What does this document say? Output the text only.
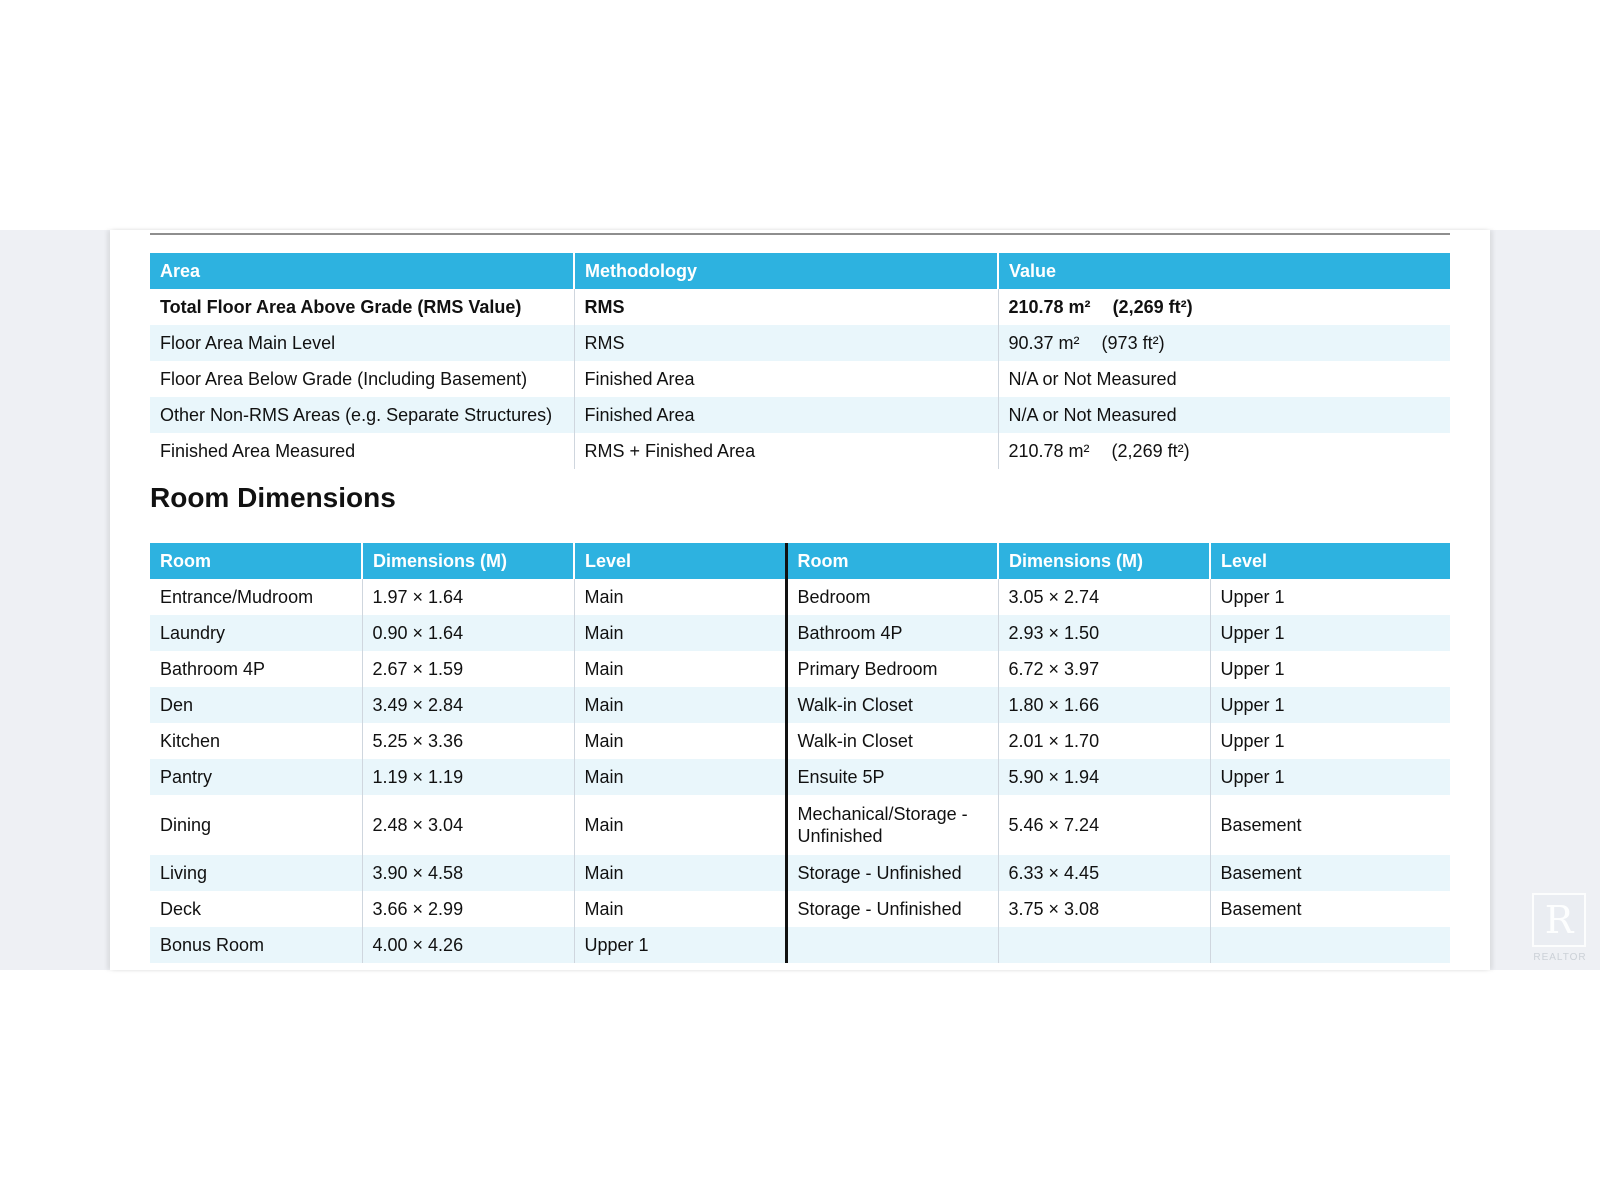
Area	Methodology	Value
Total Floor Area Above Grade (RMS Value)	RMS	210.78 m² (2,269 ft²)
Floor Area Main Level	RMS	90.37 m² (973 ft²)
Floor Area Below Grade (Including Basement)	Finished Area	N/A or Not Measured
Other Non-RMS Areas (e.g. Separate Structures)	Finished Area	N/A or Not Measured
Finished Area Measured	RMS + Finished Area	210.78 m² (2,269 ft²)
Room Dimensions
Room	Dimensions (M)	Level	Room	Dimensions (M)	Level
Entrance/Mudroom	1.97 × 1.64	Main	Bedroom	3.05 × 2.74	Upper 1
Laundry	0.90 × 1.64	Main	Bathroom 4P	2.93 × 1.50	Upper 1
Bathroom 4P	2.67 × 1.59	Main	Primary Bedroom	6.72 × 3.97	Upper 1
Den	3.49 × 2.84	Main	Walk-in Closet	1.80 × 1.66	Upper 1
Kitchen	5.25 × 3.36	Main	Walk-in Closet	2.01 × 1.70	Upper 1
Pantry	1.19 × 1.19	Main	Ensuite 5P	5.90 × 1.94	Upper 1
Dining	2.48 × 3.04	Main	Mechanical/Storage - Unfinished	5.46 × 7.24	Basement
Living	3.90 × 4.58	Main	Storage - Unfinished	6.33 × 4.45	Basement
Deck	3.66 × 2.99	Main	Storage - Unfinished	3.75 × 3.08	Basement
Bonus Room	4.00 × 4.26	Upper 1			
R
REALTOR
